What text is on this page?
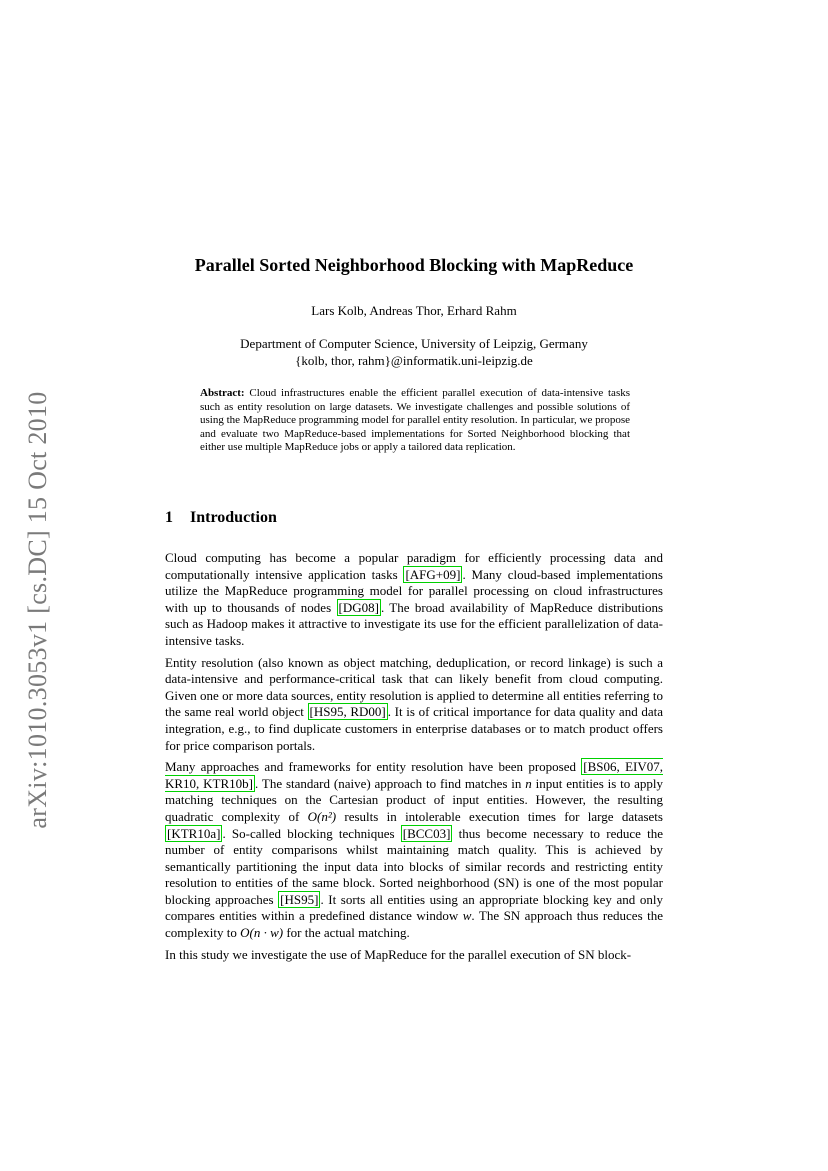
arXiv:1010.3053v1 [cs.DC] 15 Oct 2010
Parallel Sorted Neighborhood Blocking with MapReduce
Lars Kolb, Andreas Thor, Erhard Rahm
Department of Computer Science, University of Leipzig, Germany
{kolb, thor, rahm}@informatik.uni-leipzig.de
Abstract: Cloud infrastructures enable the efficient parallel execution of data-intensive tasks such as entity resolution on large datasets. We investigate challenges and possible solutions of using the MapReduce programming model for parallel entity resolution. In particular, we propose and evaluate two MapReduce-based implementations for Sorted Neighborhood blocking that either use multiple MapReduce jobs or apply a tailored data replication.
1 Introduction

Cloud computing has become a popular paradigm for efficiently processing data and computationally intensive application tasks [AFG+09] . Many cloud-based implementations utilize the MapReduce programming model for parallel processing on cloud infrastructures with up to thousands of nodes [DG08] . The broad availability of MapReduce distributions such as Hadoop makes it attractive to investigate its use for the efficient parallelization of data-intensive tasks.

Entity resolution (also known as object matching, deduplication, or record linkage) is such a data-intensive and performance-critical task that can likely benefit from cloud computing. Given one or more data sources, entity resolution is applied to determine all entities referring to the same real world object [HS95, RD00] . It is of critical importance for data quality and data integration, e.g., to find duplicate customers in enterprise databases or to match product offers for price comparison portals.

Many approaches and frameworks for entity resolution have been proposed [BS06, EIV07, KR10, KTR10b] . The standard (naive) approach to find matches in n input entities is to apply matching techniques on the Cartesian product of input entities. However, the resulting quadratic complexity of O(n²) results in intolerable execution times for large datasets [KTR10a] . So-called blocking techniques [BCC03] thus become necessary to reduce the number of entity comparisons whilst maintaining match quality. This is achieved by semantically partitioning the input data into blocks of similar records and restricting entity resolution to entities of the same block. Sorted neighborhood (SN) is one of the most popular blocking approaches [HS95] . It sorts all entities using an appropriate blocking key and only compares entities within a predefined distance window w. The SN approach thus reduces the complexity to O(n · w) for the actual matching.

In this study we investigate the use of MapReduce for the parallel execution of SN block-
